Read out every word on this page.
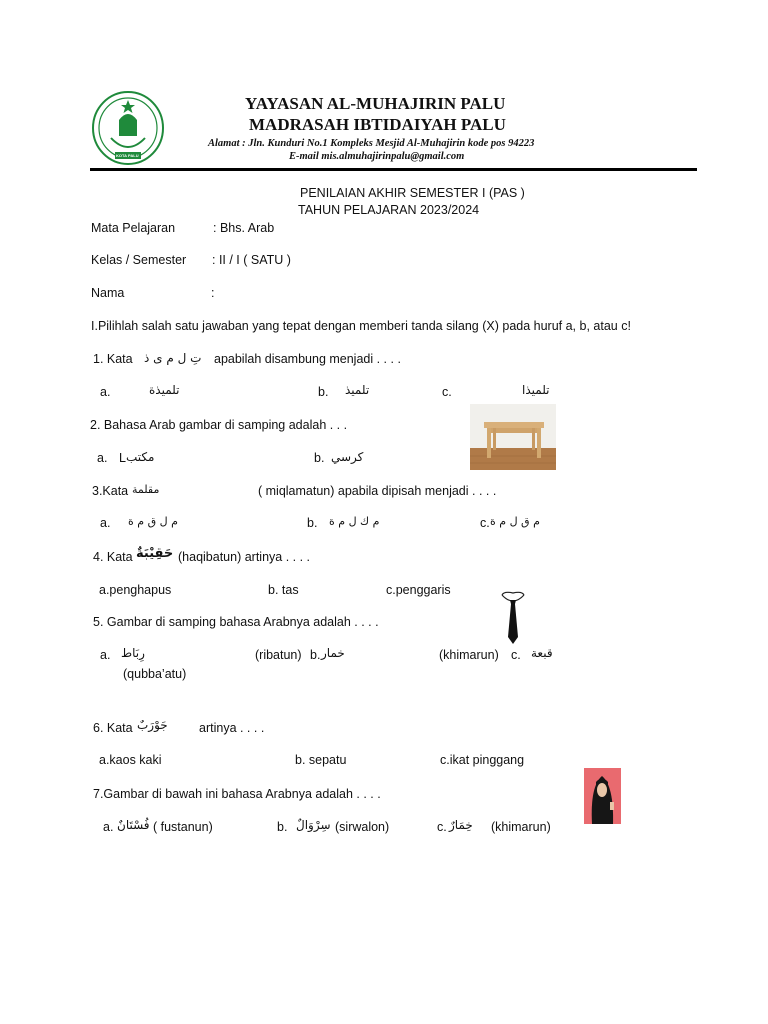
KOTA PALU
YAYASAN AL-MUHAJIRIN PALU
MADRASAH IBTIDAIYAH PALU
Alamat : Jln. Kunduri No.1 Kompleks Mesjid Al-Muhajirin kode pos 94223
E-mail mis.almuhajirinpalu@gmail.com
PENILAIAN AKHIR SEMESTER I (PAS )
TAHUN PELAJARAN 2023/2024
Mata Pelajaran	: Bhs. Arab
Kelas / Semester : II / I ( SATU )
Nama	:
I.Pilihlah salah satu jawaban yang tepat dengan memberi tanda silang (X) pada huruf a, b, atau c!
1. Kata تِ ل م ى ذ apabilah disambung menjadi . . . .
a.	تلميذة	b. تلميذ	c.	تلميذا
2. Bahasa Arab gambar di samping adalah . . .
a. L مكتب	b. كرسي
3.Kata مقلمة	( miqlamatun) apabila dipisah menjadi . . . .
a. م ل ق م ة	b. م ك ل م ة	c. م ق ل م ة
4. Kata حَقِيْبَةٌ (haqibatun) artinya . . . .
a.penghapus	b. tas	c.penggaris
5. Gambar di samping bahasa Arabnya adalah . . . .
a. رِبَاط	(ribatun) b. خمار	(khimarun) c. قبعة
(qubba’atu)
6. Kata جَوْرَبٌ	artinya . . . .
a.kaos kaki	b. sepatu	c.ikat pinggang
7.Gambar di bawah ini bahasa Arabnya adalah . . . .
a. فُسْتَانٌ ( fustanun)	b. سِرْوَالٌ (sirwalon)	c. خِمَارٌ (khimarun)
